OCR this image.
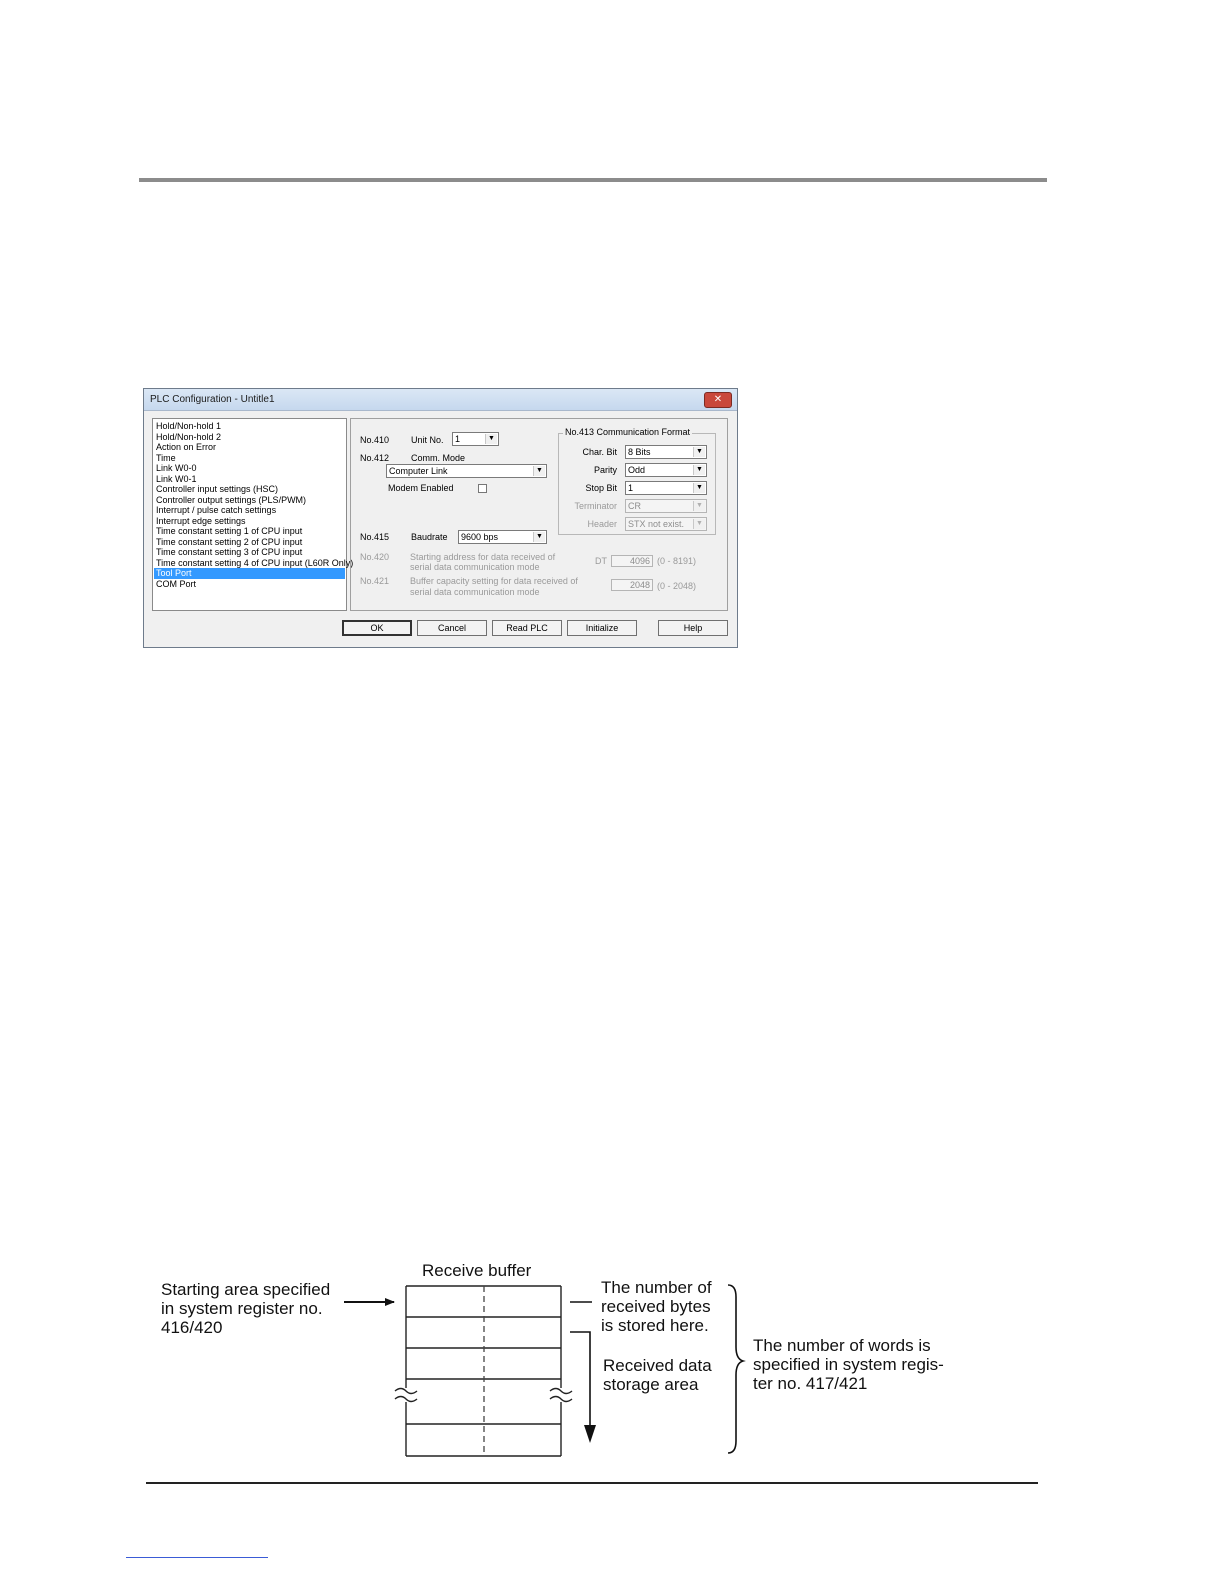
PLC Configuration - Untitle1	✕
Hold/Non-hold 1
Hold/Non-hold 2
Action on Error
Time
Link W0-0
Link W0-1
Controller input settings (HSC)
Controller output settings (PLS/PWM)
Interrupt / pulse catch settings
Interrupt edge settings
Time constant setting 1 of CPU input
Time constant setting 2 of CPU input
Time constant setting 3 of CPU input
Time constant setting 4 of CPU input (L60R Only)
Tool Port
COM Port
No.410 Unit No.	1	▼
No.412 Comm. Mode
Computer Link	▼
Modem Enabled
No.415 Baudrate	9600 bps	▼
No.420 Starting address for data received of
serial data communication mode
DT	4096 (0 - 8191)
No.421 Buffer capacity setting for data received of
serial data communication mode
2048 (0 - 2048)
No.413 Communication Format
Char. Bit	8 Bits	▼
Parity	Odd	▼
Stop Bit	1	▼
Terminator	CR	▼
Header	STX not exist.	▼
OK	Cancel	Read PLC	Initialize	Help
Receive buffer
Starting area specified
in system register no.
416/420
The number of
received bytes
is stored here.
Received data
storage area
The number of words is
specified in system regis-
ter no. 417/421
